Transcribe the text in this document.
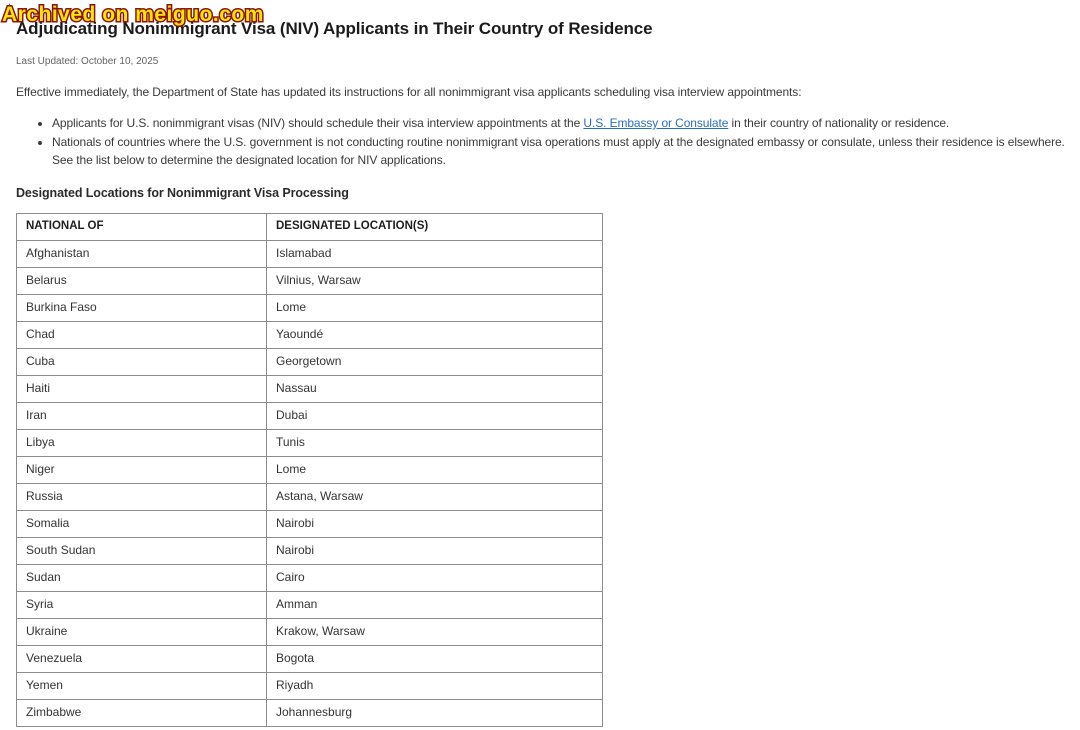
Archived on meiguo.com
Adjudicating Nonimmigrant Visa (NIV) Applicants in Their Country of Residence
Last Updated: October 10, 2025

Effective immediately, the Department of State has updated its instructions for all nonimmigrant visa applicants scheduling visa interview appointments:

• Applicants for U.S. nonimmigrant visas (NIV) should schedule their visa interview appointments at the U.S. Embassy or Consulate in their country of nationality or residence.
• Nationals of countries where the U.S. government is not conducting routine nonimmigrant visa operations must apply at the designated embassy or consulate, unless their residence is elsewhere. See the list below to determine the designated location for NIV applications.
Designated Locations for Nonimmigrant Visa Processing
NATIONAL OF	DESIGNATED LOCATION(S)
Afghanistan	Islamabad
Belarus	Vilnius, Warsaw
Burkina Faso	Lome
Chad	Yaoundé
Cuba	Georgetown
Haiti	Nassau
Iran	Dubai
Libya	Tunis
Niger	Lome
Russia	Astana, Warsaw
Somalia	Nairobi
South Sudan	Nairobi
Sudan	Cairo
Syria	Amman
Ukraine	Krakow, Warsaw
Venezuela	Bogota
Yemen	Riyadh
Zimbabwe	Johannesburg
